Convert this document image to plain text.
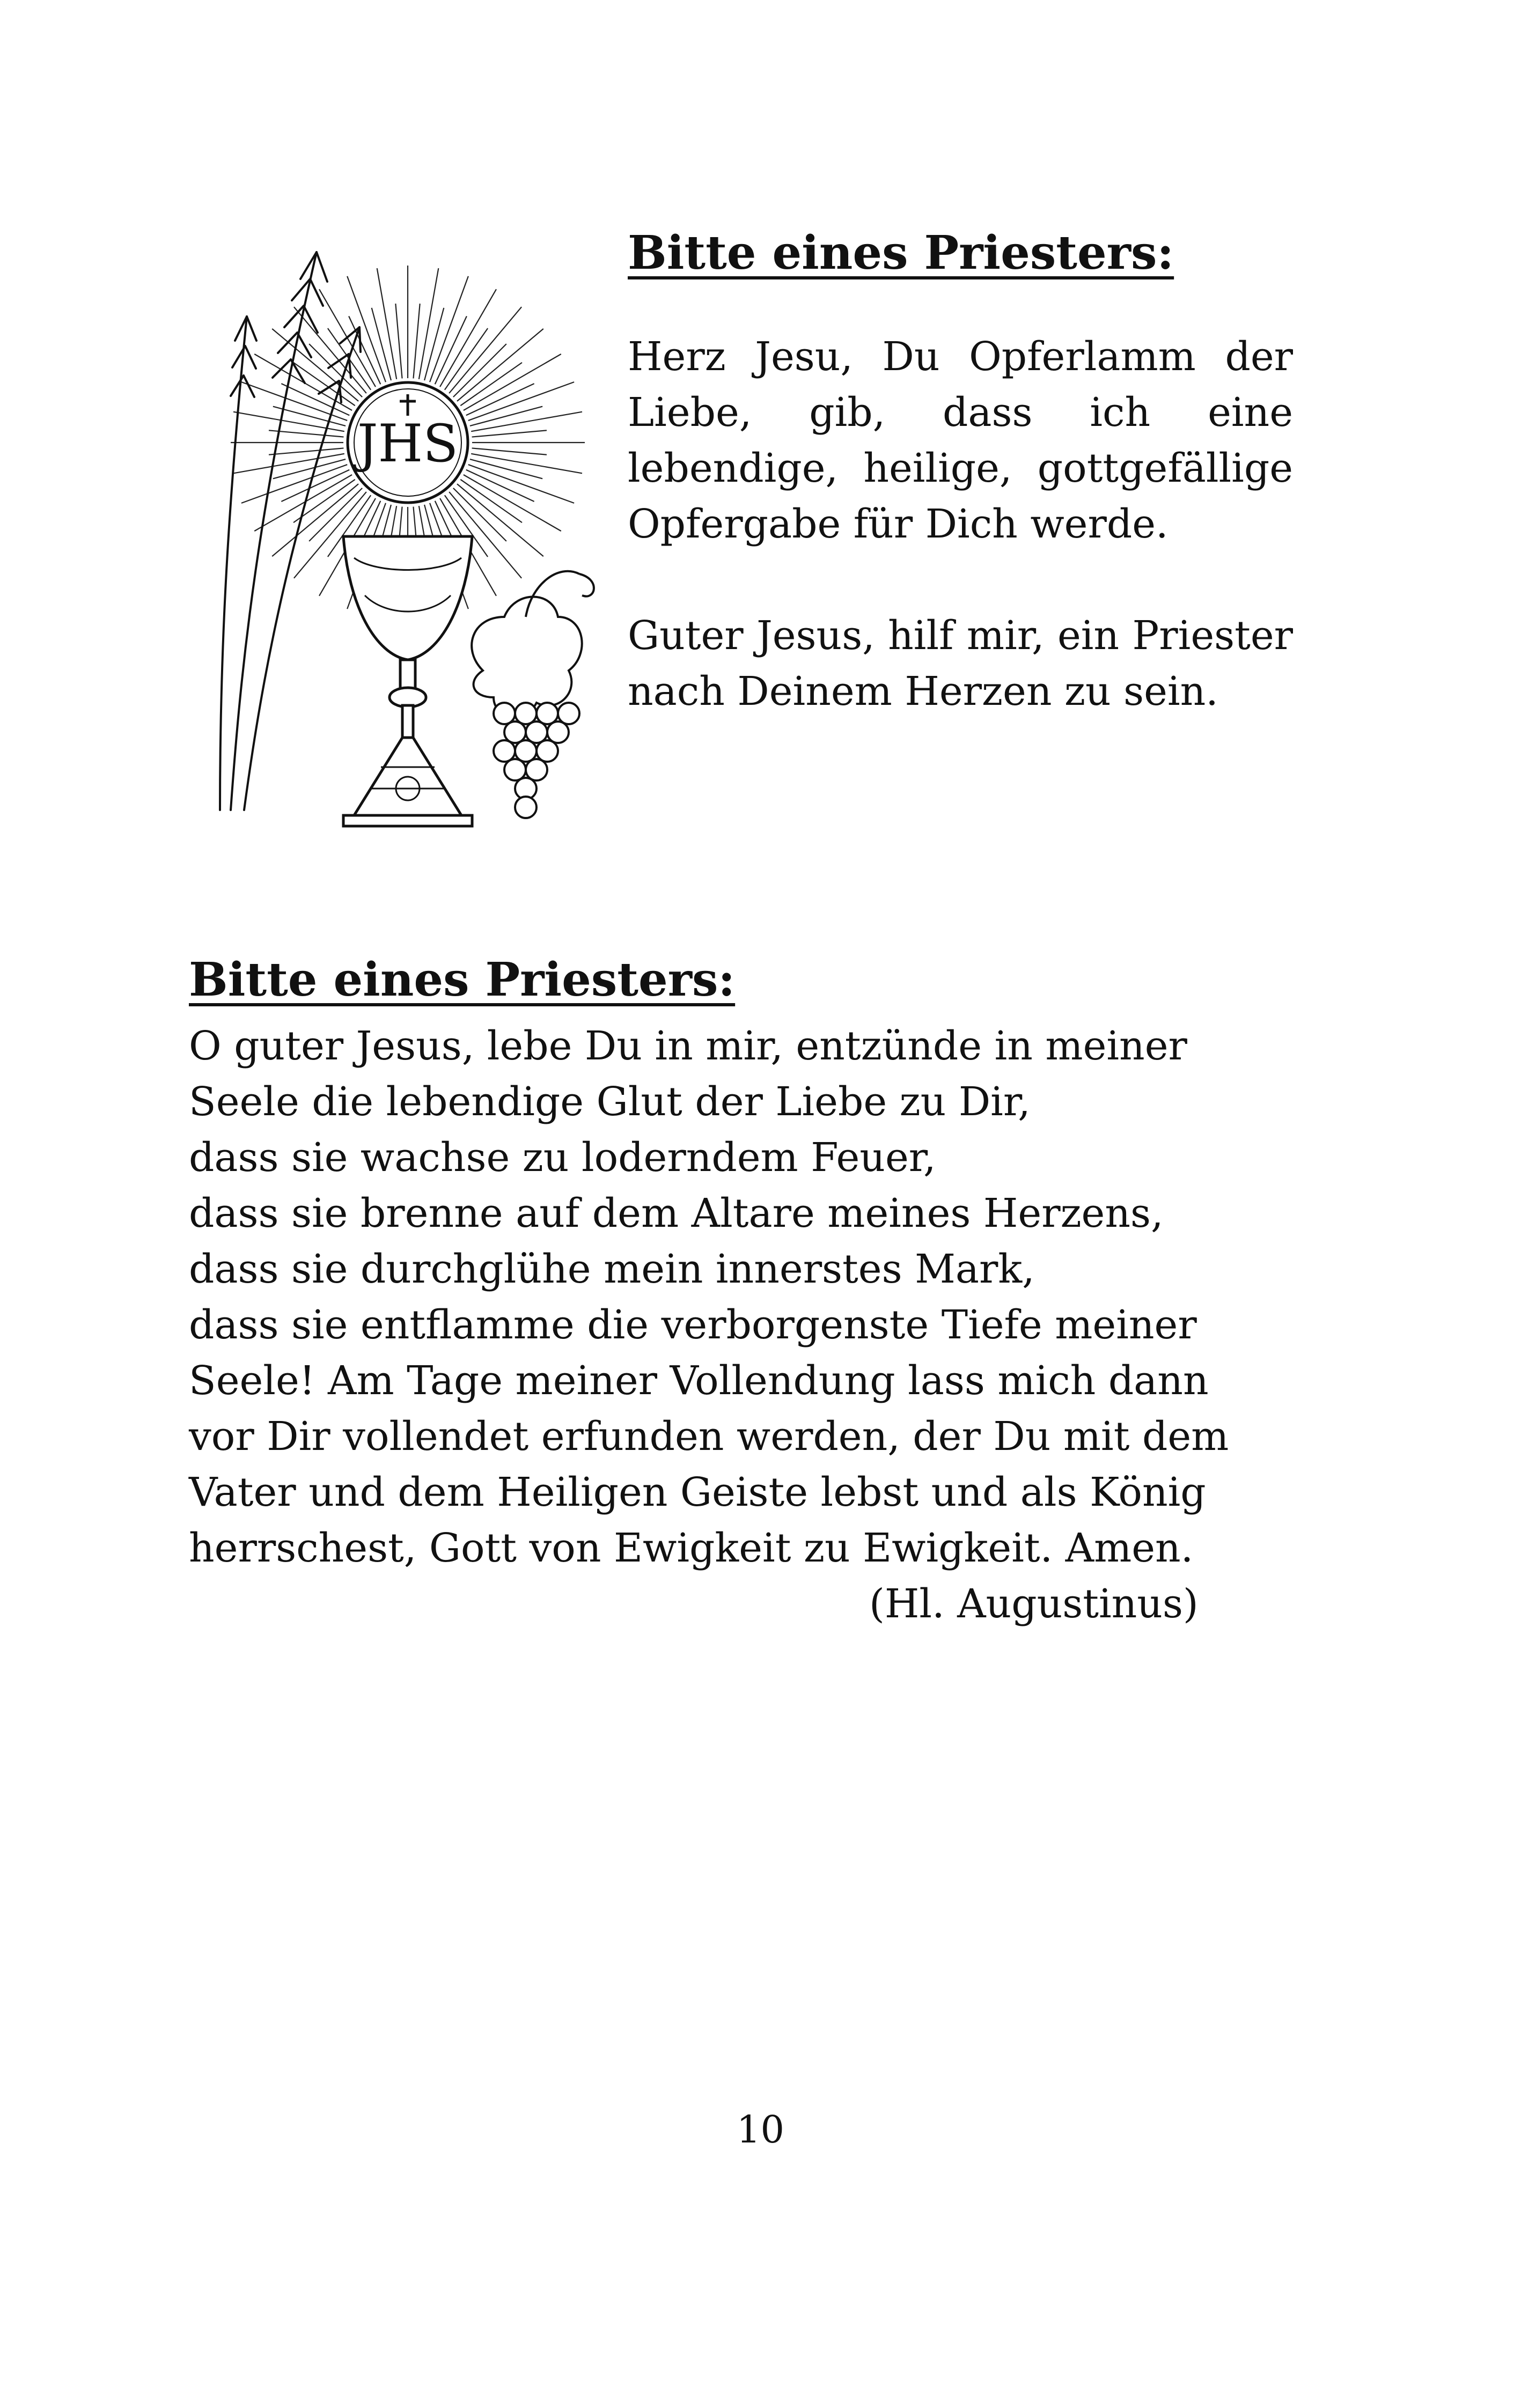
JHS
Bitte eines Priesters:

Herz Jesu, Du Opferlamm der Liebe, gib, dass ich eine lebendige, heilige, gottgefällige Opfergabe für Dich werde.

Guter Jesus, hilf mir, ein Priester nach Deinem Herzen zu sein.

Bitte eines Priesters:

O guter Jesus, lebe Du in mir, entzünde in meiner

Seele die lebendige Glut der Liebe zu Dir,

dass sie wachse zu loderndem Feuer,

dass sie brenne auf dem Altare meines Herzens,

dass sie durchglühe mein innerstes Mark,

dass sie entflamme die verborgenste Tiefe meiner

Seele! Am Tage meiner Vollendung lass mich dann

vor Dir vollendet erfunden werden, der Du mit dem

Vater und dem Heiligen Geiste lebst und als König

herrschest, Gott von Ewigkeit zu Ewigkeit. Amen.

(Hl. Augustinus)

10
